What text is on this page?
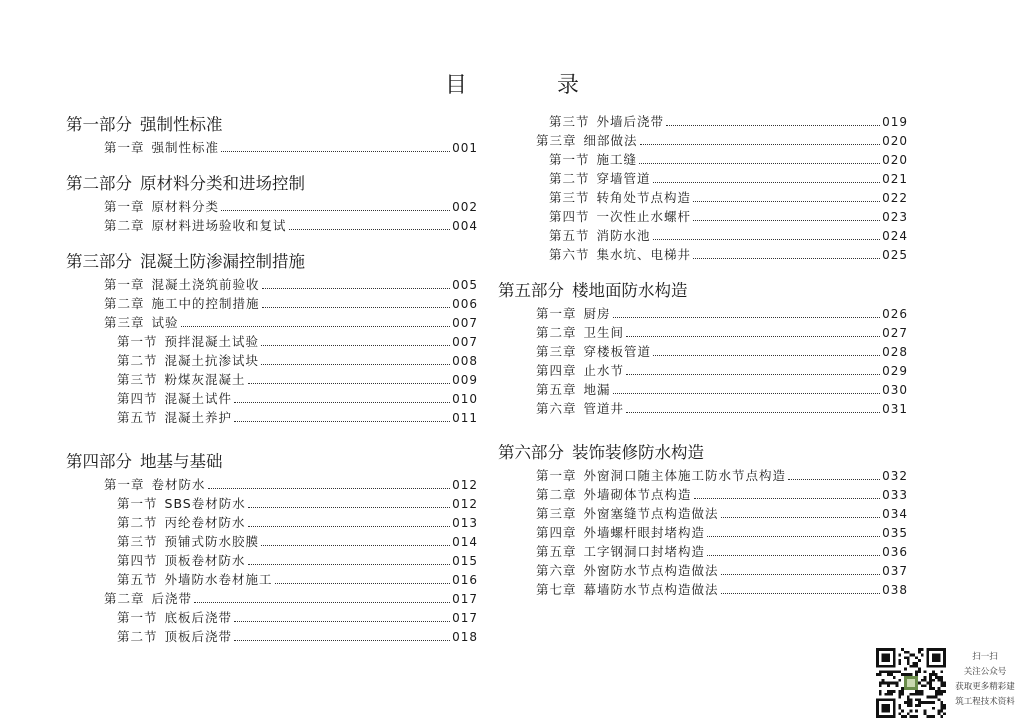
目　录
第一部分 强制性标准
第一章 强制性标准	001
第二部分 原材料分类和进场控制
第一章 原材料分类	002
第二章 原材料进场验收和复试	004
第三部分 混凝土防渗漏控制措施
第一章 混凝土浇筑前验收	005
第二章 施工中的控制措施	006
第三章 试验	007
第一节 预拌混凝土试验	007
第二节 混凝土抗渗试块	008
第三节 粉煤灰混凝土	009
第四节 混凝土试件	010
第五节 混凝土养护	011
第四部分 地基与基础
第一章 卷材防水	012
第一节 SBS卷材防水	012
第二节 丙纶卷材防水	013
第三节 预铺式防水胶膜	014
第四节 顶板卷材防水	015
第五节 外墙防水卷材施工	016
第二章 后浇带	017
第一节 底板后浇带	017
第二节 顶板后浇带	018
第三节 外墙后浇带	019
第三章 细部做法	020
第一节 施工缝	020
第二节 穿墙管道	021
第三节 转角处节点构造	022
第四节 一次性止水螺杆	023
第五节 消防水池	024
第六节 集水坑、电梯井	025
第五部分 楼地面防水构造
第一章 厨房	026
第二章 卫生间	027
第三章 穿楼板管道	028
第四章 止水节	029
第五章 地漏	030
第六章 管道井	031
第六部分 装饰装修防水构造
第一章 外窗洞口随主体施工防水节点构造	032
第二章 外墙砌体节点构造	033
第三章 外窗塞缝节点构造做法	034
第四章 外墙螺杆眼封堵构造	035
第五章 工字钢洞口封堵构造	036
第六章 外窗防水节点构造做法	037
第七章 幕墙防水节点构造做法	038
扫一扫
关注公众号
获取更多精彩建
筑工程技术资料
